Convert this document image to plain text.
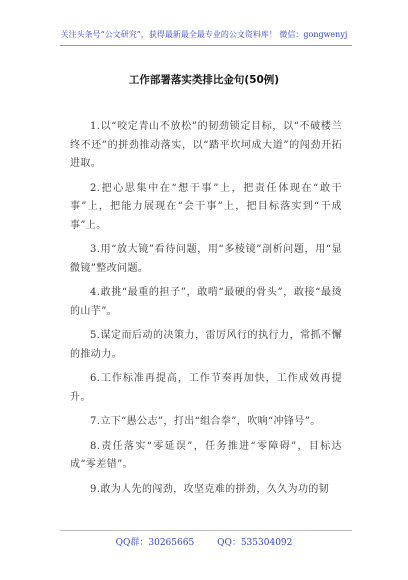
关注头条号“公文研究”，获得最新最全最专业的公文资料库！ 微信：gongwenyj
工作部署落实类排比金句(50例)

1.以“咬定青山不放松”的韧劲锁定目标，以“不破楼兰终不还”的拼劲推动落实，以“踏平坎坷成大道”的闯劲开拓进取。

2.把心思集中在“想干事”上，把责任体现在“敢干事”上，把能力展现在“会干事”上，把目标落实到“干成事”上。

3.用“放大镜”看待问题，用“多棱镜”剖析问题，用“显微镜”整改问题。

4.敢挑“最重的担子”，敢啃“最硬的骨头”，敢接“最烫的山芋”。

5.谋定而后动的决策力，雷厉风行的执行力，常抓不懈的推动力。

6.工作标准再提高，工作节奏再加快，工作成效再提升。

7.立下“愚公志”，打出“组合拳”，吹响“冲锋号”。

8.责任落实“零延误”，任务推进“零障碍”，目标达成“零差错”。

9.敢为人先的闯劲，攻坚克难的拼劲，久久为功的韧

QQ群：30265665	QQ：535304092
